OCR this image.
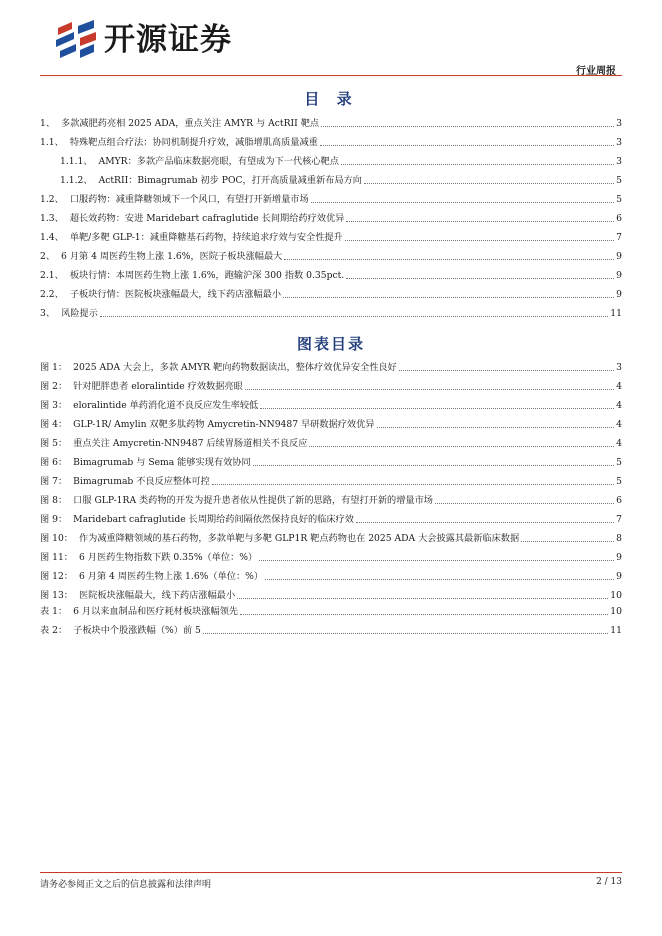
开源证券
行业周报
目 录
1、 多款减肥药亮相 2025 ADA，重点关注 AMYR 与 ActRII 靶点	3
1.1、 特殊靶点组合疗法：协同机制提升疗效，减脂增肌高质量减重	3
1.1.1、 AMYR：多款产品临床数据亮眼，有望成为下一代核心靶点	3
1.1.2、 ActRII：Bimagrumab 初步 POC，打开高质量减重新布局方向	5
1.2、 口服药物：减重降糖领域下一个风口，有望打开新增量市场	5
1.3、 超长效药物：安进 Maridebart cafraglutide 长间期给药疗效优异	6
1.4、 单靶/多靶 GLP-1：减重降糖基石药物，持续追求疗效与安全性提升	7
2、 6 月第 4 周医药生物上涨 1.6%，医院子板块涨幅最大	9
2.1、 板块行情：本周医药生物上涨 1.6%，跑输沪深 300 指数 0.35pct.	9
2.2、 子板块行情：医院板块涨幅最大，线下药店涨幅最小	9
3、 风险提示	11
图表目录
图 1： 2025 ADA 大会上，多款 AMYR 靶向药物数据读出，整体疗效优异安全性良好	3
图 2： 针对肥胖患者 eloralintide 疗效数据亮眼	4
图 3： eloralintide 单药消化道不良反应发生率较低	4
图 4： GLP-1R/ Amylin 双靶多肽药物 Amycretin-NN9487 早研数据疗效优异	4
图 5： 重点关注 Amycretin-NN9487 后续胃肠道相关不良反应	4
图 6： Bimagrumab 与 Sema 能够实现有效协同	5
图 7： Bimagrumab 不良反应整体可控	5
图 8： 口服 GLP-1RA 类药物的开发为提升患者依从性提供了新的思路，有望打开新的增量市场	6
图 9： Maridebart cafraglutide 长周期给药间隔依然保持良好的临床疗效	7
图 10： 作为减重降糖领域的基石药物，多款单靶与多靶 GLP1R 靶点药物也在 2025 ADA 大会披露其最新临床数据	8
图 11： 6 月医药生物指数下跌 0.35%（单位：%）	9
图 12： 6 月第 4 周医药生物上涨 1.6%（单位：%）	9
图 13： 医院板块涨幅最大，线下药店涨幅最小	10
表 1： 6 月以来血制品和医疗耗材板块涨幅领先	10
表 2： 子板块中个股涨跌幅（%）前 5	11
请务必参阅正文之后的信息披露和法律声明	2 / 13
